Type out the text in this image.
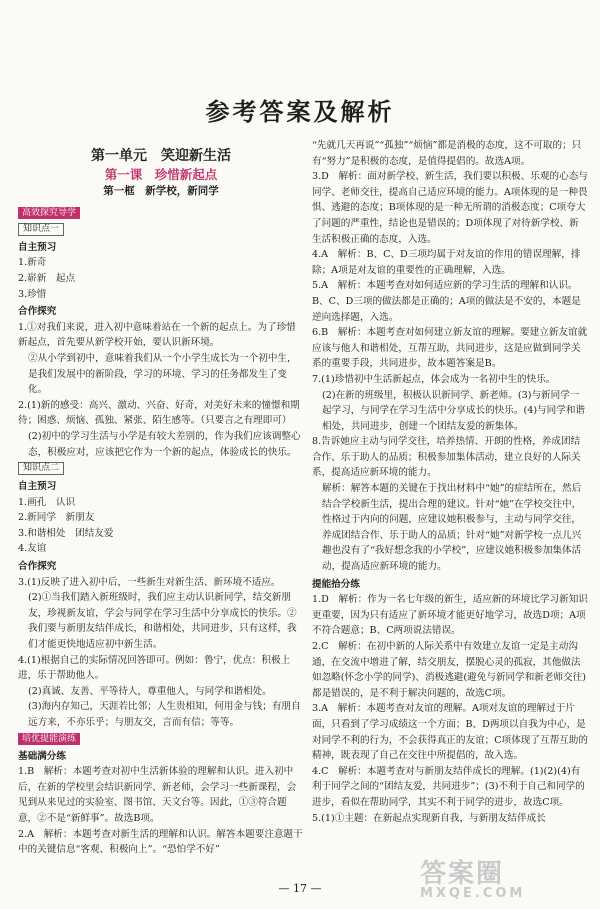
参考答案及解析
第一单元　笑迎新生活
第一课　珍惜新起点
第一框　新学校，新同学
高效探究导学
知识点一
自主预习

1.新奇

2.崭新　起点

3.珍惜

合作探究

1.①对我们来说，进入初中意味着站在一个新的起点上。为了珍惜新起点，首先要从新学校开始，要认识新环境。

②从小学到初中，意味着我们从一个小学生成长为一个初中生，是我们发展中的新阶段，学习的环境、学习的任务都发生了变化。

2.(1)新的感受：高兴、激动、兴奋、好奇，对美好未来的憧憬和期待；困惑、烦恼、孤独、紧张、陌生感等。（只要言之有理即可）

(2)初中的学习生活与小学是有较大差别的，作为我们应该调整心态，积极应对，应该把它作为一个新的起点，体验成长的快乐。

知识点二
自主预习

1.画孔　认识

2.新同学　新朋友

3.和谐相处　团结友爱

4.友谊

合作探究

3.(1)反映了进入初中后，一些新生对新生活、新环境不适应。

(2)①当我们踏入新班级时，我们应主动认识新同学，结交新朋友，珍视新友谊，学会与同学在学习生活中分享成长的快乐。②我们要与新朋友结伴成长，和谐相处，共同进步，只有这样，我们才能更快地适应初中新生活。

4.(1)根据自己的实际情况回答即可。例如：鲁宁，优点：积极上进，乐于帮助他人。

(2)真诚、友善、平等待人，尊重他人，与同学和谐相处。

(3)海内存知己，天涯若比邻；人生贵相知，何用金与钱；有朋自远方来，不亦乐乎；与朋友交，言而有信；等等。

培优提能演练
基础满分练

1.B　解析：本题考查对初中生活新体验的理解和认识。进入初中后，在新的学校里会结识新同学、新老师，会学习一些新课程，会见到从来见过的实验室、图书馆、天文台等。因此，①③符合题意，②不是“新鲜事”。故选B项。

2.A　解析：本题考查对新生活的理解和认识。解答本题要注意题干中的关键信息“客观、积极向上”。“恐怕学不好”

“先就几天再说”“孤独”“烦恼”都是消极的态度，这不可取的；只有“努力”是积极的态度，是值得提倡的。故选A项。

3.D　解析：面对新学校、新生活，我们要以积极、乐观的心态与同学、老师交往，提高自己适应环境的能力。A项体现的是一种畏惧、逃避的态度；B项体现的是一种无所谓的消极态度；C项夸大了问题的严重性，结论也是错误的；D项体现了对待新学校、新生活积极正确的态度，入选。

4.A　解析：B、C、D三项均属于对友谊的作用的错误理解，排除；A项是对友谊的重要性的正确理解，入选。

5.A　解析：本题考查对如何适应新的学习生活的理解和认识。B、C、D三项的做法都是正确的；A项的做法是不安的，本题是逆向选择题，入选。

6.B　解析：本题考查对如何建立新友谊的理解。要建立新友谊就应该与他人和谐相处，互帮互助，共同进步，这是应做到同学关系的重要手段，共同进步，故本题答案是B。

7.(1)珍惜初中生活新起点，体会成为一名初中生的快乐。

(2)在新的班级里，积极认识新同学、新老师。(3)与新同学一起学习，与同学在学习生活中分享成长的快乐。(4)与同学和谐相处，共同进步，创建一个团结友爱的新集体。

8.告诉她应主动与同学交往，培养热情、开朗的性格，养成团结合作、乐于助人的品质；积极参加集体活动，建立良好的人际关系，提高适应新环境的能力。

解析：解答本题的关键在于找出材料中“她”的症结所在，然后结合学校新生活，提出合理的建议。针对“她”在学校交往中，性格过于内向的问题，应建议她积极参与，主动与同学交往，养成团结合作、乐于助人的品质；针对“她”对新学校一点儿兴趣也没有了“我好想念我的小学校”，应建议她积极参加集体活动，提高适应新环境的能力。

提能拾分练

1.D　解析：作为一名七年级的新生，适应新的环境比学习新知识更重要，因为只有适应了新环境才能更好地学习，故选D项；A项不符合题意；B、C两项说法错误。

2.C　解析：在初中新的人际关系中有效建立友谊一定是主动沟通，在交流中增进了解，结交朋友，摆脱心灵的孤寂，其他做法如忽略(怀念小学的同学)、消极逃避(避免与新同学和新老师交往)都是错误的，是不利于解决问题的，故选C项。

3.A　解析：本题考查对友谊的理解。A项对友谊的理解过于片面，只看到了学习成绩这一个方面；B、D两项以自我为中心，是对同学不利的行为，不会获得真正的友谊；C项体现了互帮互助的精神，既表现了自己在交往中所提倡的，故入选。

4.C　解析：本题考查对与新朋友结伴成长的理解。(1)(2)(4)有利于同学之间的“团结友爱，共同进步”；(3)不利于自己和同学的进步，看似在帮助同学，其实不利于同学的进步，故选C项。

5.(1)①主题：在新起点实现新自我，与新朋友结伴成长

— 17 —	答案圈
MXQE.COM
